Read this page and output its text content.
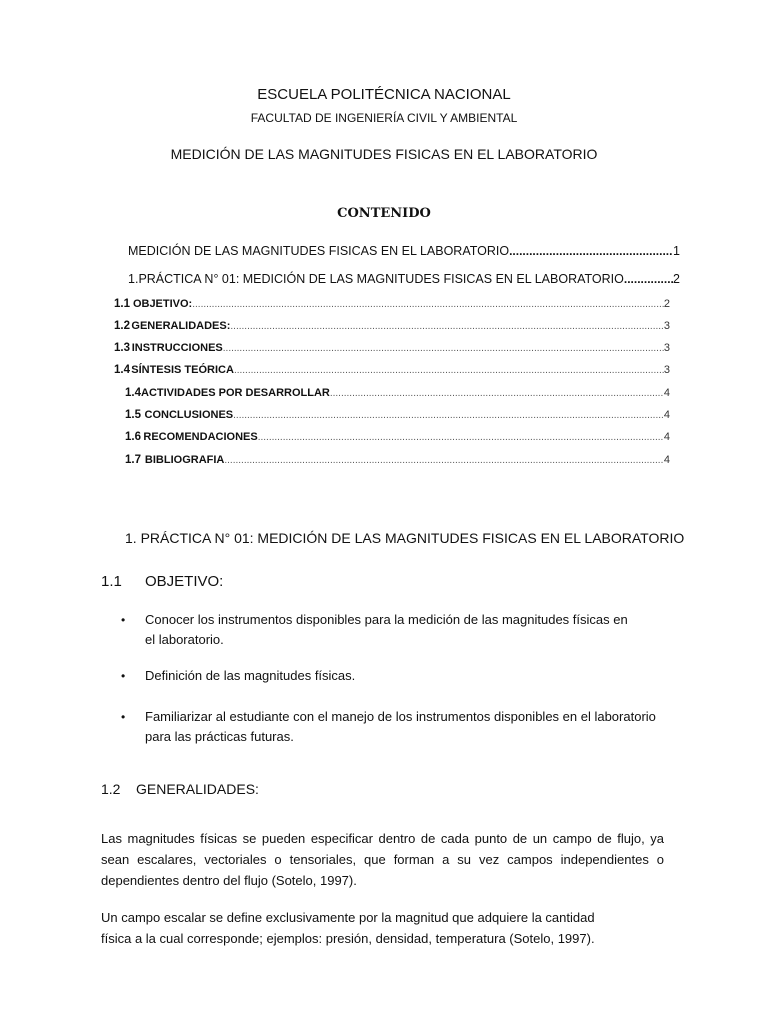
ESCUELA POLITÉCNICA NACIONAL
FACULTAD DE INGENIERÍA CIVIL Y AMBIENTAL
MEDICIÓN DE LAS MAGNITUDES FISICAS EN EL LABORATORIO
CONTENIDO
MEDICIÓN DE LAS MAGNITUDES FISICAS EN EL LABORATORIO .....	1
1. PRÁCTICA N° 01: MEDICIÓN DE LAS MAGNITUDES FISICAS EN EL LABORATORIO .....	2
1.1 OBJETIVO: .....	2
1.2 GENERALIDADES: .....	3
1.3 INSTRUCCIONES .....	3
1.4 SÍNTESIS TEÓRICA .....	3
1.4 ACTIVIDADES POR DESARROLLAR .....	4
1.5 CONCLUSIONES .....	4
1.6 RECOMENDACIONES .....	4
1.7 BIBLIOGRAFIA .....	4
1. PRÁCTICA N° 01: MEDICIÓN DE LAS MAGNITUDES FISICAS EN EL LABORATORIO
1.1 OBJETIVO:
• Conocer los instrumentos disponibles para la medición de las magnitudes físicas en
el laboratorio.
• Definición de las magnitudes físicas.
• Familiarizar al estudiante con el manejo de los instrumentos disponibles en el laboratorio
para las prácticas futuras.
1.2 GENERALIDADES:
Las magnitudes físicas se pueden especificar dentro de cada punto de un campo de flujo, ya
sean escalares, vectoriales o tensoriales, que forman a su vez campos independientes o
dependientes dentro del flujo (Sotelo, 1997).
Un campo escalar se define exclusivamente por la magnitud que adquiere la cantidad
física a la cual corresponde; ejemplos: presión, densidad, temperatura (Sotelo, 1997).
